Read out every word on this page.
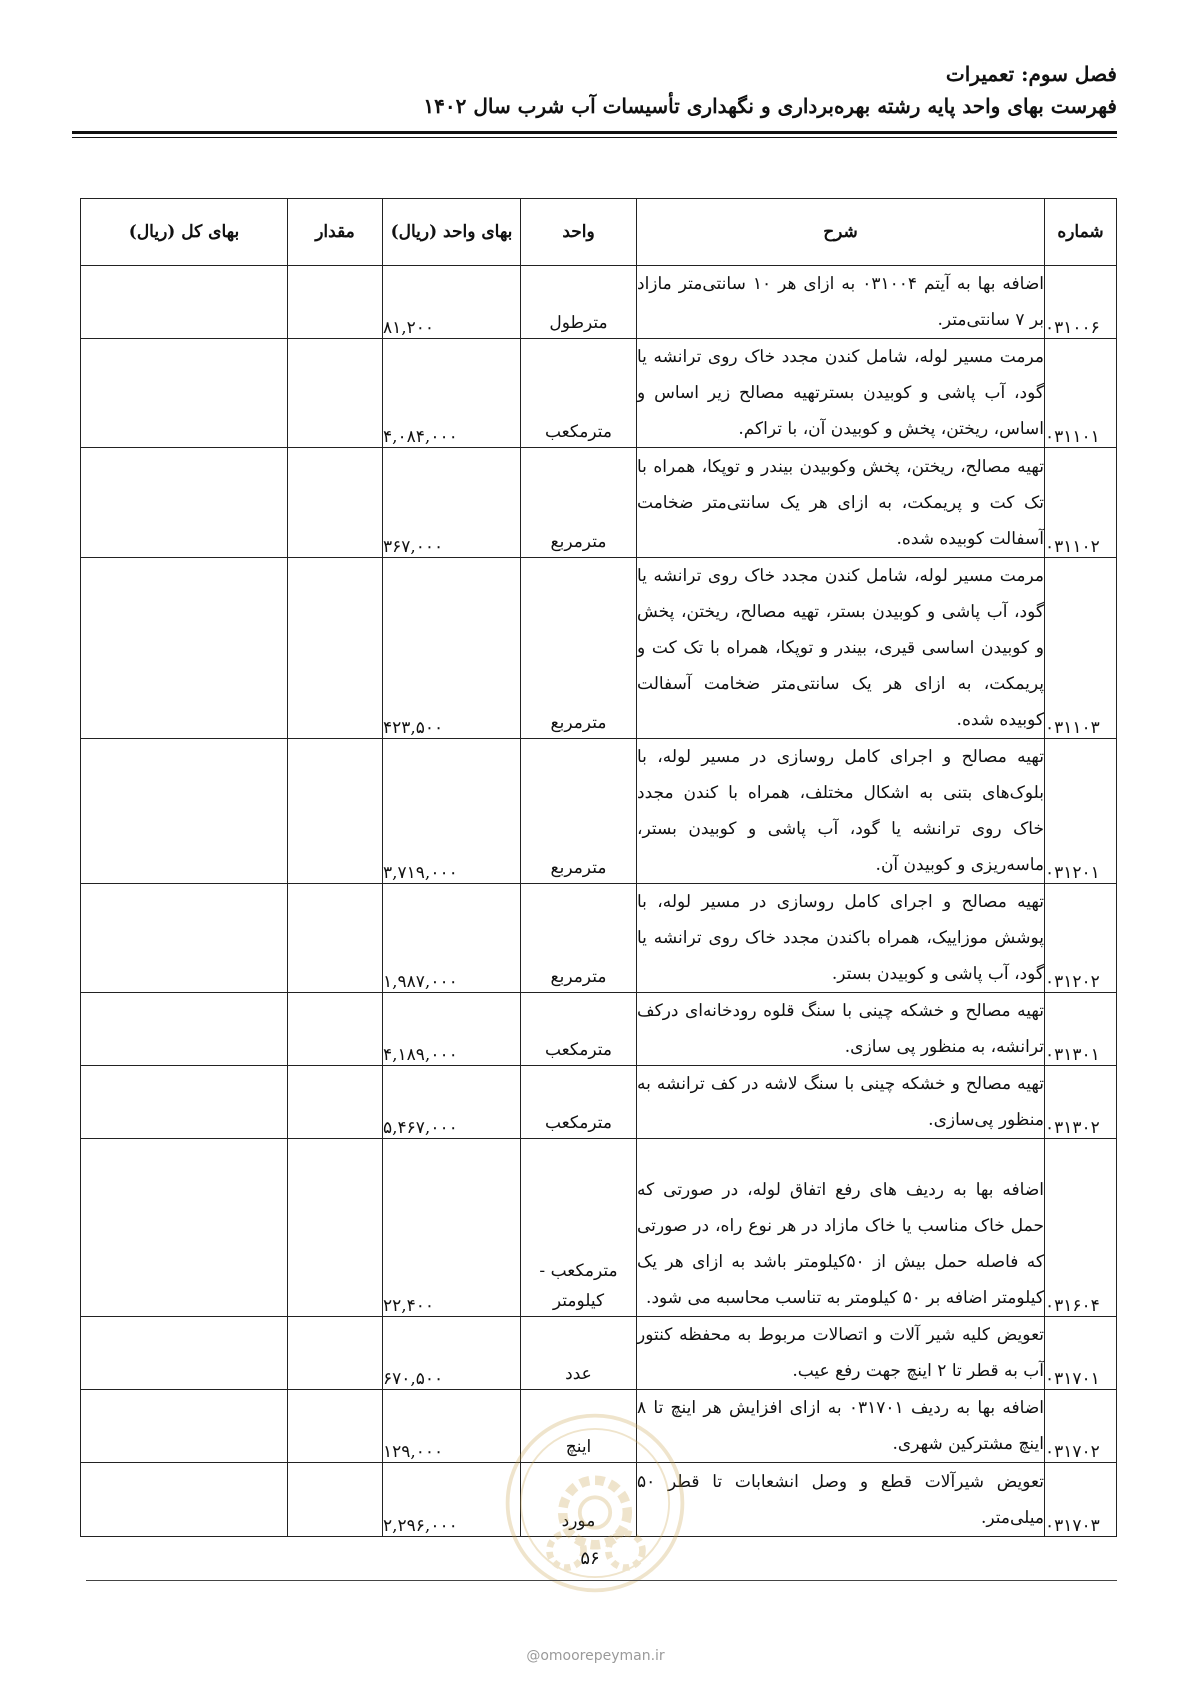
فصل سوم: تعمیرات
فهرست بهای واحد پایه رشته بهره‌برداری و نگهداری تأسیسات آب شرب سال ۱۴۰۲
شماره	شرح	واحد	بهای واحد (ریال)	مقدار	بهای کل (ریال)
۰۳۱۰۰۶	اضافه بها به آیتم ۰۳۱۰۰۴ به ازای هر ۱۰ سانتی‌متر مازاد بر ۷ سانتی‌متر.	مترطول	۸۱,۲۰۰		
۰۳۱۱۰۱	مرمت مسیر لوله، شامل کندن مجدد خاک روی ترانشه یا گود، آب پاشی و کوبیدن بسترتهیه مصالح زیر اساس و اساس، ریختن، پخش و کوبیدن آن، با تراکم.	مترمکعب	۴,۰۸۴,۰۰۰		
۰۳۱۱۰۲	تهیه مصالح، ریختن، پخش وکوبیدن بیندر و توپکا، همراه با تک کت و پریمکت، به ازای هر یک سانتی‌متر ضخامت آسفالت کوبیده شده.	مترمربع	۳۶۷,۰۰۰		
۰۳۱۱۰۳	مرمت مسیر لوله، شامل کندن مجدد خاک روی ترانشه یا گود، آب پاشی و کوبیدن بستر، تهیه مصالح، ریختن، پخش و کوبیدن اساسی قیری، بیندر و توپکا، همراه با تک کت و پریمکت، به ازای هر یک سانتی‌متر ضخامت آسفالت کوبیده شده.	مترمربع	۴۲۳,۵۰۰		
۰۳۱۲۰۱	تهیه مصالح و اجرای کامل روسازی در مسیر لوله، با بلوک‌های بتنی به اشکال مختلف، همراه با کندن مجدد خاک روی ترانشه یا گود، آب پاشی و کوبیدن بستر، ماسه‌ریزی و کوبیدن آن.	مترمربع	۳,۷۱۹,۰۰۰		
۰۳۱۲۰۲	تهیه مصالح و اجرای کامل روسازی در مسیر لوله، با پوشش موزاییک، همراه باکندن مجدد خاک روی ترانشه یا گود، آب پاشی و کوبیدن بستر.	مترمربع	۱,۹۸۷,۰۰۰		
۰۳۱۳۰۱	تهیه مصالح و خشکه چینی با سنگ قلوه رودخانه‌ای درکف ترانشه، به منظور پی سازی.	مترمکعب	۴,۱۸۹,۰۰۰		
۰۳۱۳۰۲	تهیه مصالح و خشکه چینی با سنگ لاشه در کف ترانشه به منظور پی‌سازی.	مترمکعب	۵,۴۶۷,۰۰۰		
۰۳۱۶۰۴	اضافه بها به ردیف های رفع اتفاق لوله، در صورتی که حمل خاک مناسب یا خاک مازاد در هر نوع راه، در صورتی که فاصله حمل بیش از ۵۰کیلومتر باشد به ازای هر یک کیلومتر اضافه بر ۵۰ کیلومتر به تناسب محاسبه می شود.	مترمکعب - کیلومتر	۲۲,۴۰۰		
۰۳۱۷۰۱	تعویض کلیه شیر آلات و اتصالات مربوط به محفظه کنتور آب به قطر تا ۲ اینچ جهت رفع عیب.	عدد	۶۷۰,۵۰۰		
۰۳۱۷۰۲	اضافه بها به ردیف ۰۳۱۷۰۱ به ازای افزایش هر اینچ تا ۸ اینچ مشترکین شهری.	اینچ	۱۲۹,۰۰۰		
۰۳۱۷۰۳	تعویض شیرآلات قطع و وصل انشعابات تا قطر ۵۰ میلی‌متر.	مورد	۲,۲۹۶,۰۰۰		
۵۶
@omoorepeyman.ir
